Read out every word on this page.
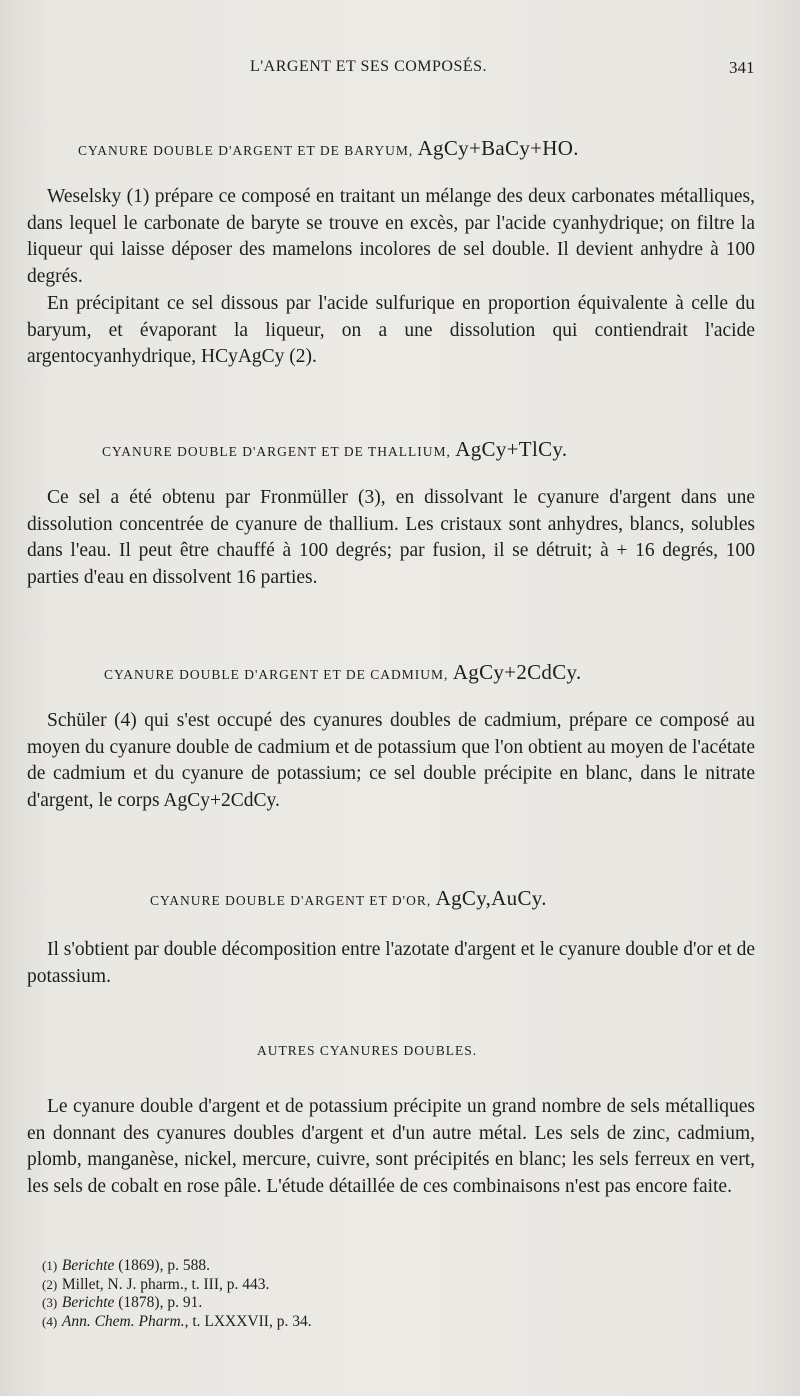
L'ARGENT ET SES COMPOSÉS.	341
CYANURE DOUBLE D'ARGENT ET DE BARYUM, AgCy+BaCy+HO.

Weselsky (1) prépare ce composé en traitant un mélange des deux carbonates métalliques, dans lequel le carbonate de baryte se trouve en excès, par l'acide cyanhydrique; on filtre la liqueur qui laisse déposer des mamelons incolores de sel double. Il devient anhydre à 100 degrés.

En précipitant ce sel dissous par l'acide sulfurique en proportion équivalente à celle du baryum, et évaporant la liqueur, on a une dissolution qui contiendrait l'acide argentocyanhydrique, HCyAgCy (2).

CYANURE DOUBLE D'ARGENT ET DE THALLIUM, AgCy+TlCy.

Ce sel a été obtenu par Fronmüller (3), en dissolvant le cyanure d'argent dans une dissolution concentrée de cyanure de thallium. Les cristaux sont anhydres, blancs, solubles dans l'eau. Il peut être chauffé à 100 degrés; par fusion, il se détruit; à + 16 degrés, 100 parties d'eau en dissolvent 16 parties.

CYANURE DOUBLE D'ARGENT ET DE CADMIUM, AgCy+2CdCy.

Schüler (4) qui s'est occupé des cyanures doubles de cadmium, prépare ce composé au moyen du cyanure double de cadmium et de potassium que l'on obtient au moyen de l'acétate de cadmium et du cyanure de potassium; ce sel double précipite en blanc, dans le nitrate d'argent, le corps AgCy+2CdCy.

CYANURE DOUBLE D'ARGENT ET D'OR, AgCy,AuCy.

Il s'obtient par double décomposition entre l'azotate d'argent et le cyanure double d'or et de potassium.

AUTRES CYANURES DOUBLES.

Le cyanure double d'argent et de potassium précipite un grand nombre de sels métalliques en donnant des cyanures doubles d'argent et d'un autre métal. Les sels de zinc, cadmium, plomb, manganèse, nickel, mercure, cuivre, sont précipités en blanc; les sels ferreux en vert, les sels de cobalt en rose pâle. L'étude détaillée de ces combinaisons n'est pas encore faite.

(1) Berichte (1869), p. 588.
(2) Millet, N. J. pharm., t. III, p. 443.
(3) Berichte (1878), p. 91.
(4) Ann. Chem. Pharm., t. LXXXVII, p. 34.
